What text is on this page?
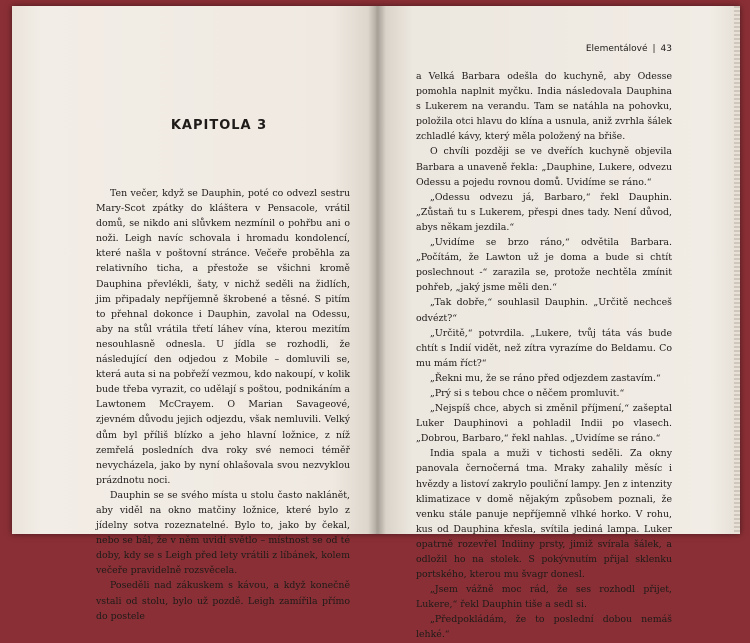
KAPITOLA 3

Ten večer, když se Dauphin, poté co odvezl sestru Mary-Scot zpátky do kláštera v Pensacole, vrátil domů, se nikdo ani slůvkem nezmínil o pohřbu ani o noži. Leigh navíc schovala i hromadu kondolencí, které našla v poštovní stránce. Večeře proběhla za relativního ticha, a přestože se všichni kromě Dauphina převlékli, šaty, v nichž seděli na židlích, jim připadaly nepříjemně škrobené a těsné. S pitím to přehnal dokonce i Dauphin, zavolal na Odessu, aby na stůl vrátila třetí láhev vína, kterou mezitím nesouhlasně odnesla. U jídla se rozhodli, že následující den odjedou z Mobile – domluvili se, která auta si na pobřeží vezmou, kdo nakoupí, v kolik bude třeba vyrazit, co udělají s poštou, podnikáním a Lawtonem McCrayem. O Marian Savageové, zjevném důvodu jejich odjezdu, však nemluvili. Velký dům byl příliš blízko a jeho hlavní ložnice, z níž zemřelá posledních dva roky své nemoci téměř nevycházela, jako by nyní ohlašovala svou nezvyklou prázdnotu noci.

Dauphin se se svého místa u stolu často naklánět, aby viděl na okno matčiny ložnice, které bylo z jídelny sotva rozeznatelné. Bylo to, jako by čekal, nebo se bál, že v něm uvidí světlo – místnost se od té doby, kdy se s Leigh před lety vrátili z líbánek, kolem večeře pravidelně rozsvěcela.

Poseděli nad zákuskem s kávou, a když konečně vstali od stolu, bylo už pozdě. Leigh zamířila přímo do postele

Elementálové | 43

a Velká Barbara odešla do kuchyně, aby Odesse pomohla naplnit myčku. India následovala Dauphina s Lukerem na verandu. Tam se natáhla na pohovku, položila otci hlavu do klína a usnula, aniž zvrhla šálek zchladlé kávy, který měla položený na břiše.

O chvíli později se ve dveřích kuchyně objevila Barbara a unaveně řekla: „Dauphine, Lukere, odvezu Odessu a pojedu rovnou domů. Uvidíme se ráno.“

„Odessu odvezu já, Barbaro,“ řekl Dauphin. „Zůstaň tu s Lukerem, přespi dnes tady. Není důvod, abys někam jezdila.“

„Uvidíme se brzo ráno,“ odvětila Barbara. „Počítám, že Lawton už je doma a bude si chtít poslechnout -“ zarazila se, protože nechtěla zmínit pohřeb, „jaký jsme měli den.“

„Tak dobře,“ souhlasil Dauphin. „Určitě nechceš odvézt?“

„Určitě,“ potvrdila. „Lukere, tvůj táta vás bude chtít s Indií vidět, než zítra vyrazíme do Beldamu. Co mu mám říct?“

„Řekni mu, že se ráno před odjezdem zastavím.“

„Prý si s tebou chce o něčem promluvit.“

„Nejspíš chce, abych si změnil příjmení,“ zašeptal Luker Dauphinovi a pohladil Indii po vlasech. „Dobrou, Barbaro,“ řekl nahlas. „Uvidíme se ráno.“

India spala a muži v tichosti seděli. Za okny panovala černočerná tma. Mraky zahalily měsíc i hvězdy a listoví zakrylo pouliční lampy. Jen z intenzity klimatizace v domě nějakým způsobem poznali, že venku stále panuje nepříjemně vlhké horko. V rohu, kus od Dauphina křesla, svítila jediná lampa. Luker opatrně rozevřel Indiiny prsty, jimiž svírala šálek, a odložil ho na stolek. S pokývnutím přijal sklenku portského, kterou mu švagr donesl.

„Jsem vážně moc rád, že ses rozhodl přijet, Lukere,“ řekl Dauphin tiše a sedl si.

„Předpokládám, že to poslední dobou nemáš lehké.“
